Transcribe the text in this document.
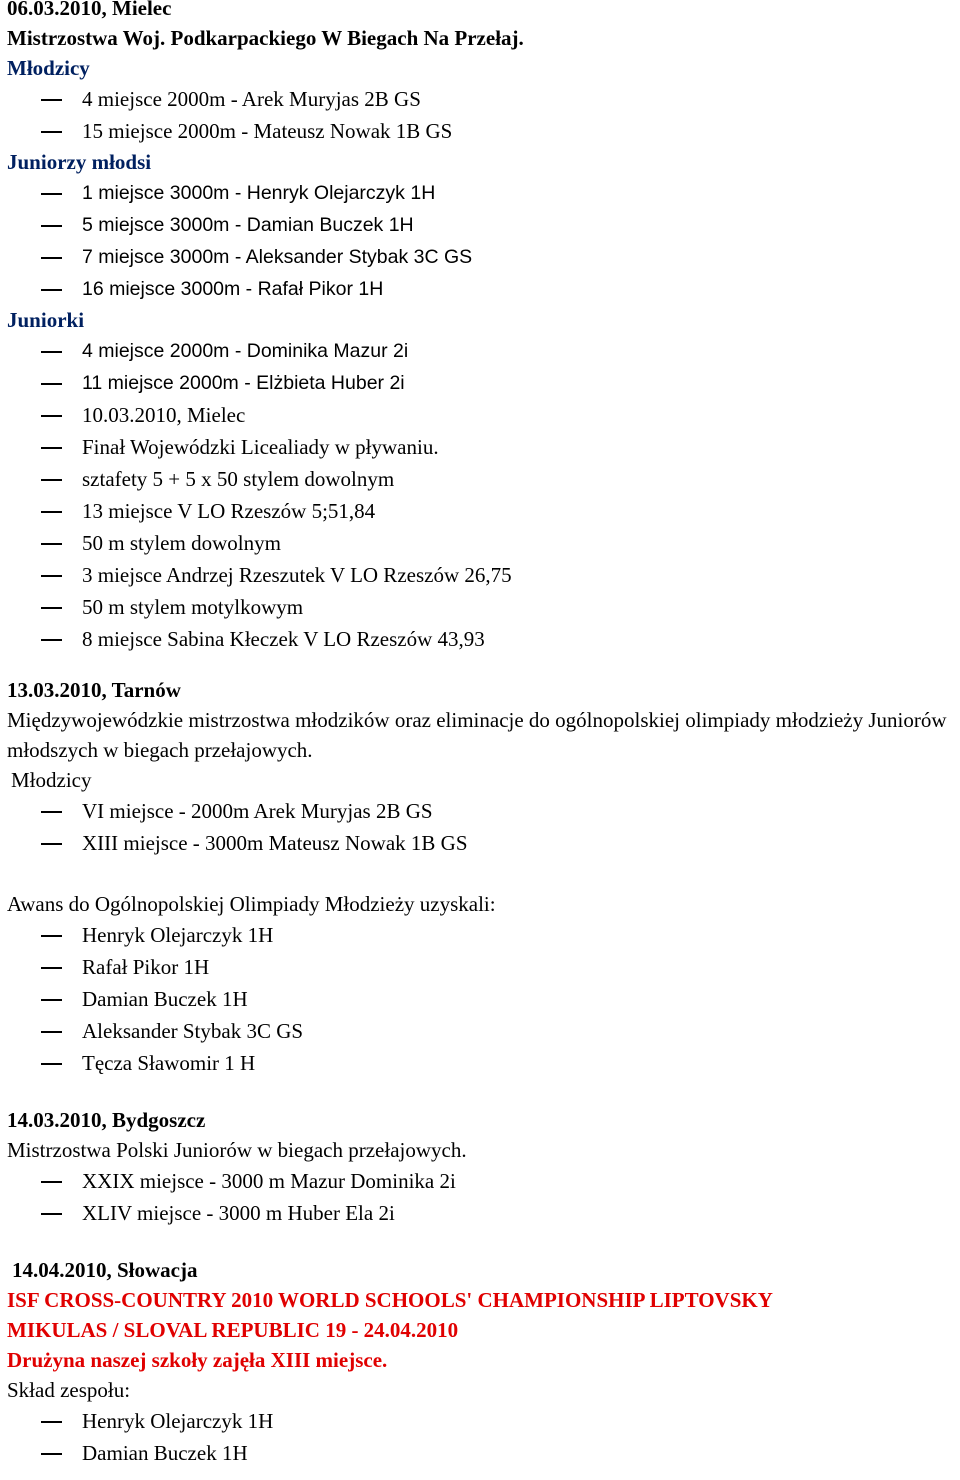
06.03.2010, Mielec
Mistrzostwa Woj. Podkarpackiego W Biegach Na Przełaj.
Młodzicy
4 miejsce 2000m - Arek Muryjas 2B GS
15 miejsce 2000m - Mateusz Nowak 1B GS
Juniorzy młodsi
1 miejsce 3000m - Henryk Olejarczyk 1H
5 miejsce 3000m - Damian Buczek 1H
7 miejsce 3000m - Aleksander Stybak 3C GS
16 miejsce 3000m - Rafał Pikor 1H
Juniorki
4 miejsce 2000m - Dominika Mazur 2i
11 miejsce 2000m - Elżbieta Huber 2i
10.03.2010, Mielec
Finał Wojewódzki Licealiady w pływaniu.
sztafety 5 + 5 x 50 stylem dowolnym
13 miejsce V LO Rzeszów 5;51,84
50 m stylem dowolnym
3 miejsce Andrzej Rzeszutek V LO Rzeszów 26,75
50 m stylem motylkowym
8 miejsce Sabina Kłeczek V LO Rzeszów 43,93
13.03.2010, Tarnów
Międzywojewódzkie mistrzostwa młodzików oraz eliminacje do ogólnopolskiej olimpiady młodzieży Juniorów młodszych w biegach przełajowych.
Młodzicy
VI miejsce - 2000m Arek Muryjas 2B GS
XIII miejsce - 3000m Mateusz Nowak 1B GS
Awans do Ogólnopolskiej Olimpiady Młodzieży uzyskali:
Henryk Olejarczyk 1H
Rafał Pikor 1H
Damian Buczek 1H
Aleksander Stybak 3C GS
Tęcza Sławomir 1 H
14.03.2010, Bydgoszcz
Mistrzostwa Polski Juniorów w biegach przełajowych.
XXIX miejsce - 3000 m Mazur Dominika 2i
XLIV miejsce - 3000 m Huber Ela 2i
14.04.2010, Słowacja
ISF CROSS-COUNTRY 2010 WORLD SCHOOLS' CHAMPIONSHIP LIPTOVSKY
MIKULAS / SLOVAL REPUBLIC 19 - 24.04.2010
Drużyna naszej szkoły zajęła XIII miejsce.
Skład zespołu:
Henryk Olejarczyk 1H
Damian Buczek 1H
